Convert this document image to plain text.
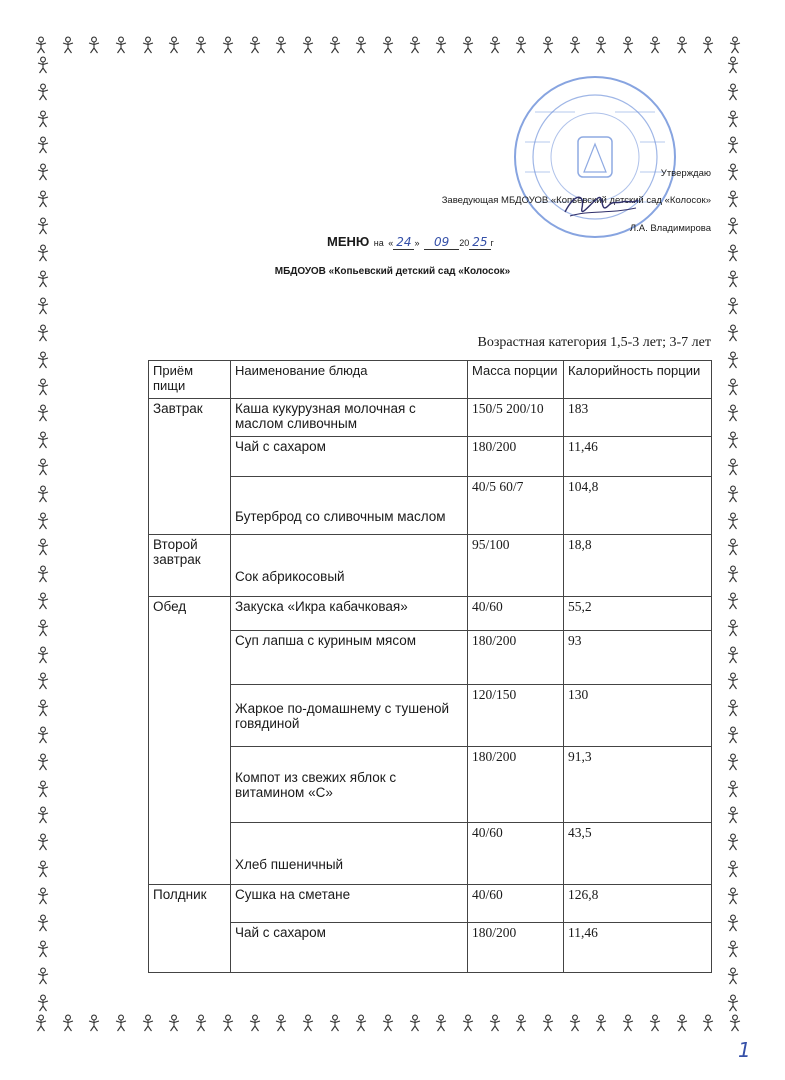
Утверждаю
Заведующая МБДОУОВ «Копьевский детский сад «Колосок»
Л.А. Владимирова
МЕНЮ на « 24 » 09 20 25 г
МБДОУОВ «Копьевский детский сад «Колосок»
Возрастная категория 1,5-3 лет; 3-7 лет
Приём пищи	Наименование блюда	Масса порции	Калорийность порции
Завтрак	Каша кукурузная молочная с маслом сливочным	150/5 200/10	183
	Чай с сахаром	180/200	11,46
	Бутерброд со сливочным маслом	40/5 60/7	104,8
Второй завтрак	Сок абрикосовый	95/100	18,8
Обед	Закуска «Икра кабачковая»	40/60	55,2
	Суп лапша с куриным мясом	180/200	93
	Жаркое по-домашнему с тушеной говядиной	120/150	130
	Компот из свежих яблок с витамином «С»	180/200	91,3
	Хлеб пшеничный	40/60	43,5
Полдник	Сушка на сметане	40/60	126,8
	Чай с сахаром	180/200	11,46
1
